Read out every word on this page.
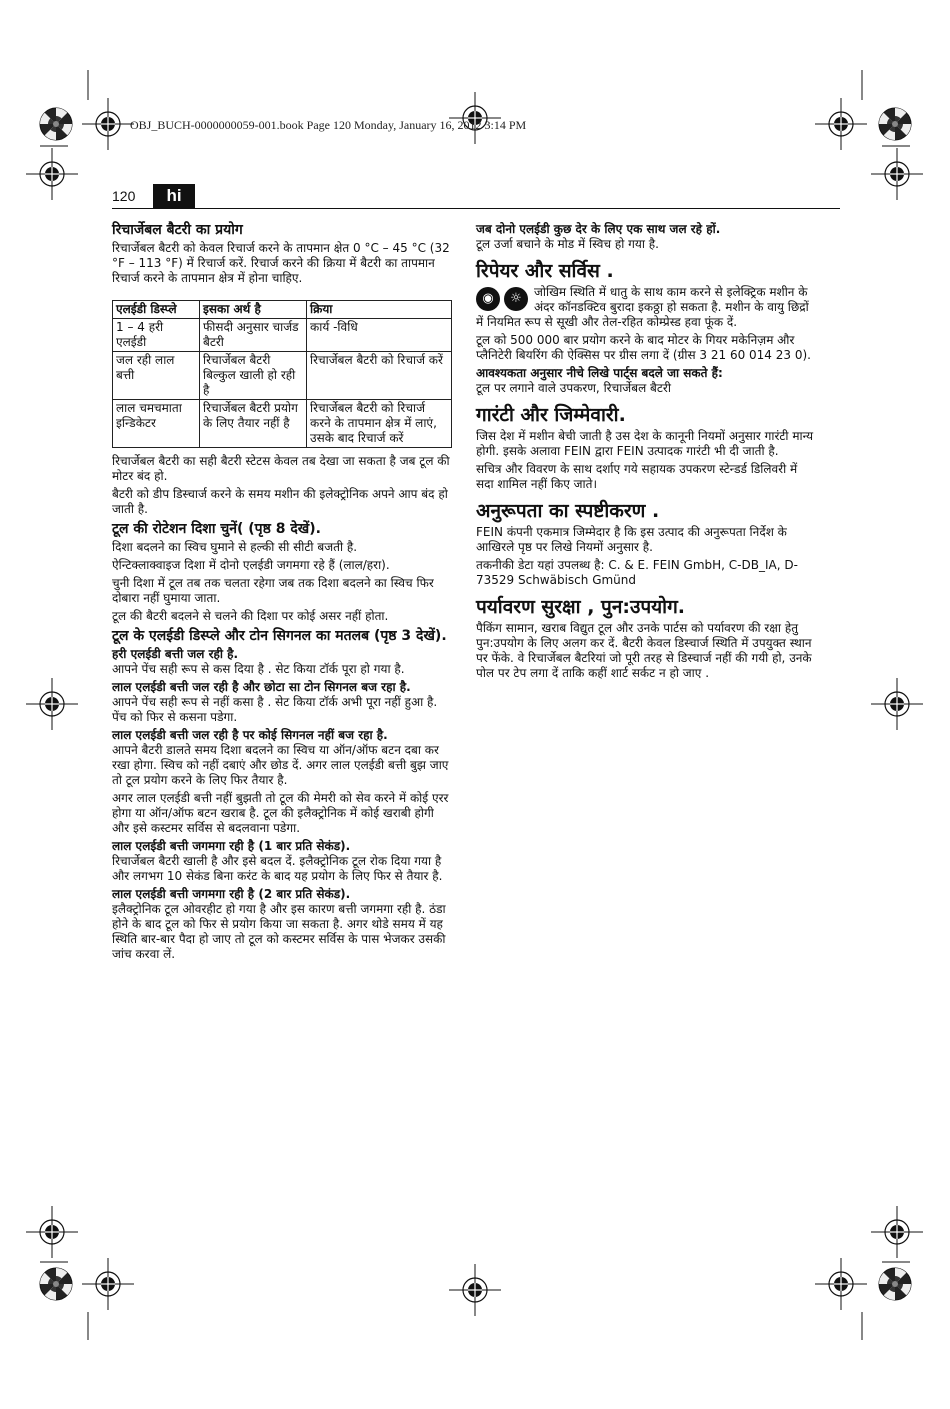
OBJ_BUCH-0000000059-001.book Page 120 Monday, January 16, 2012 3:14 PM
120	hi
रिचार्जेबल बैटरी का प्रयोग

रिचार्जेबल बैटरी को केवल रिचार्ज करने के तापमान क्षेत 0 °C – 45 °C (32 °F – 113 °F) में रिचार्ज करें. रिचार्ज करने की क्रिया में बैटरी का तापमान रिचार्ज करने के तापमान क्षेत्र में होना चाहिए.

एलईडी डिस्प्ले	इसका अर्थ है	क्रिया
1 – 4 हरी एलईडी	फीसदी अनुसार चार्जड बैटरी	कार्य -विधि
जल रही लाल बत्ती	रिचार्जेबल बैटरी बिल्कुल खाली हो रही है	रिचार्जेबल बैटरी को रिचार्ज करें
लाल चमचमाता इन्डिकेटर	रिचार्जेबल बैटरी प्रयोग के लिए तैयार नहीं है	रिचार्जेबल बैटरी को रिचार्ज करने के तापमान क्षेत्र में लाएं, उसके बाद रिचार्ज करें

रिचार्जेबल बैटरी का सही बैटरी स्टेटस केवल तब देखा जा सकता है जब टूल की मोटर बंद हो.

बैटरी को डीप डिस्चार्ज करने के समय मशीन की इलेक्ट्रोनिक अपने आप बंद हो जाती है.

टूल की रोटेशन दिशा चुनें( (पृष्ठ 8 देखें).

दिशा बदलने का स्विच घुमाने से हल्की सी सीटी बजती है.

ऐन्टिक्लाक्वाइज दिशा में दोनो एलईडी जगमगा रहे हैं (लाल/हरा).

चुनी दिशा में टूल तब तक चलता रहेगा जब तक दिशा बदलने का स्विच फिर दोबारा नहीं घुमाया जाता.

टूल की बैटरी बदलने से चलने की दिशा पर कोई असर नहीं होता.

टूल के एलईडी डिस्प्ले और टोन सिगनल का मतलब (पृष्ठ 3 देखें).
हरी एलईडी बत्ती जल रही है.

आपने पेंच सही रूप से कस दिया है . सेट किया टॉर्क पूरा हो गया है.

लाल एलईडी बत्ती जल रही है और छोटा सा टोन सिगनल बज रहा है.

आपने पेंच सही रूप से नहीं कसा है . सेट किया टॉर्क अभी पूरा नहीं हुआ है. पेंच को फिर से कसना पडेगा.

लाल एलईडी बत्ती जल रही है पर कोई सिगनल नहीं बज रहा है.

आपने बैटरी डालते समय दिशा बदलने का स्विच या ऑन/ऑफ बटन दबा कर रखा होगा. स्विच को नहीं दबाएं और छोड दें. अगर लाल एलईडी बत्ती बुझ जाए तो टूल प्रयोग करने के लिए फिर तैयार है.

अगर लाल एलईडी बत्ती नहीं बुझती तो टूल की मेमरी को सेव करने में कोई एरर होगा या ऑन/ऑफ बटन खराब है. टूल की इलैक्ट्रोनिक में कोई खराबी होगी और इसे कस्टमर सर्विस से बदलवाना पडेगा.

लाल एलईडी बत्ती जगमगा रही है (1 बार प्रति सेकंड).

रिचार्जेबल बैटरी खाली है और इसे बदल दें. इलैक्ट्रोनिक टूल रोक दिया गया है और लगभग 10 सेकंड बिना करंट के बाद यह प्रयोग के लिए फिर से तैयार है.

लाल एलईडी बत्ती जगमगा रही है (2 बार प्रति सेकंड).

इलैक्ट्रोनिक टूल ओवरहीट हो गया है और इस कारण बत्ती जगमगा रही है. ठंडा होने के बाद टूल को फिर से प्रयोग किया जा सकता है. अगर थोडे समय में यह स्थिति बार-बार पैदा हो जाए तो टूल को कस्टमर सर्विस के पास भेजकर उसकी जांच करवा लें.

जब दोनो एलईडी कुछ देर के लिए एक साथ जल रहे हों.

टूल उर्जा बचाने के मोड में स्विच हो गया है.

रिपेयर और सर्विस .
◉	☼	जोखिम स्थिति में धातु के साथ काम करने से इलेक्ट्रिक मशीन के अंदर कॉनडक्टिव बुरादा इकठ्ठा हो सकता है. मशीन के वायु छिद्रों में नियमित रूप से सूखी और तेल-रहित कोम्प्रेस्ड हवा फूंक दें.

टूल को 500 000 बार प्रयोग करने के बाद मोटर के गियर मकेनिज़म और प्लैनिटेरी बियरिंग की ऐक्सिस पर ग्रीस लगा दें (ग्रीस 3 21 60 014 23 0).

आवश्यकता अनुसार नीचे लिखे पार्ट्स बदले जा सकते हैं:

टूल पर लगाने वाले उपकरण, रिचार्जेबल बैटरी

गारंटी और जिम्मेवारी.

जिस देश में मशीन बेची जाती है उस देश के कानूनी नियमों अनुसार गारंटी मान्य होगी. इसके अलावा FEIN द्वारा FEIN उत्पादक गारंटी भी दी जाती है.

सचित्र और विवरण के साथ दर्शाए गये सहायक उपकरण स्टेन्डर्ड डिलिवरी में सदा शामिल नहीं किए जाते।

अनुरूपता का स्पष्टीकरण .

FEIN कंपनी एकमात्र जिम्मेदार है कि इस उत्पाद की अनुरूपता निर्देश के आखिरले पृष्ठ पर लिखे नियमों अनुसार है.

तकनीकी डेटा यहां उपलब्ध है: C. & E. FEIN GmbH, C-DB_IA, D-73529 Schwäbisch Gmünd

पर्यावरण सुरक्षा , पुन:उपयोग.

पैकिंग सामान, खराब विद्युत टूल और उनके पार्टस को पर्यावरण की रक्षा हेतु पुन:उपयोग के लिए अलग कर दें. बैटरी केवल डिस्चार्ज स्थिति में उपयुक्त स्थान पर फेंके. वे रिचार्जेबल बैटरियां जो पूरी तरह से डिस्चार्ज नहीं की गयी हो, उनके पोल पर टेप लगा दें ताकि कहीं शार्ट सर्कट न हो जाए .
